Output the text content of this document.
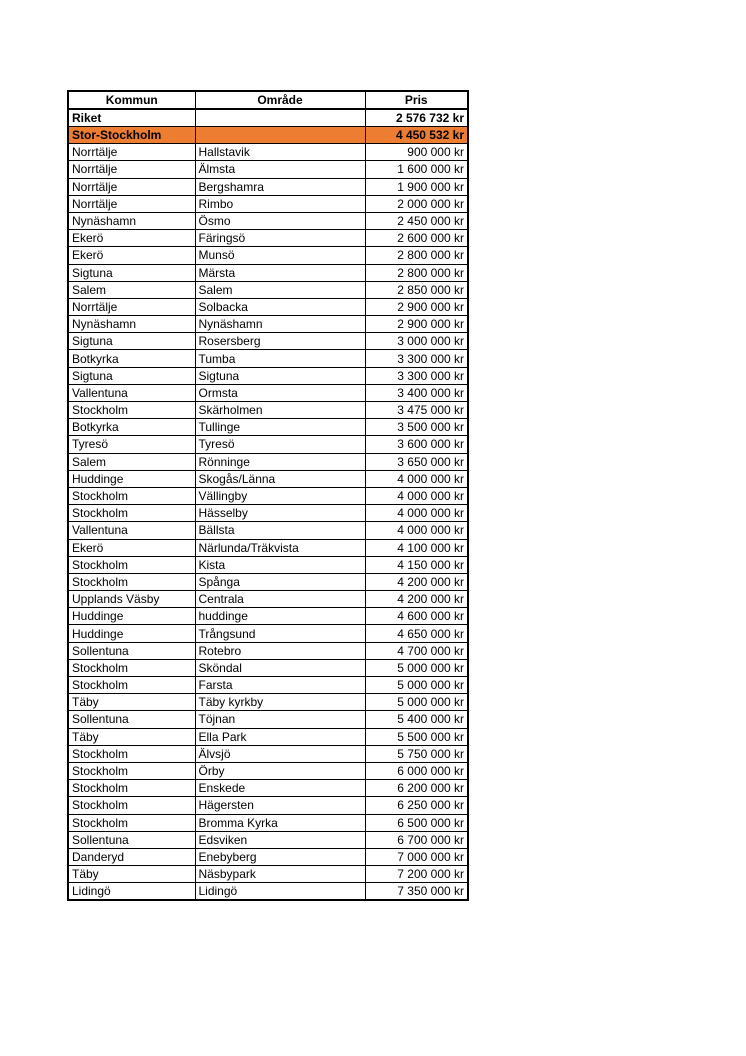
Kommun	Område	Pris
Riket		2 576 732 kr
Stor-Stockholm		4 450 532 kr
Norrtälje	Hallstavik	900 000 kr
Norrtälje	Älmsta	1 600 000 kr
Norrtälje	Bergshamra	1 900 000 kr
Norrtälje	Rimbo	2 000 000 kr
Nynäshamn	Ösmo	2 450 000 kr
Ekerö	Färingsö	2 600 000 kr
Ekerö	Munsö	2 800 000 kr
Sigtuna	Märsta	2 800 000 kr
Salem	Salem	2 850 000 kr
Norrtälje	Solbacka	2 900 000 kr
Nynäshamn	Nynäshamn	2 900 000 kr
Sigtuna	Rosersberg	3 000 000 kr
Botkyrka	Tumba	3 300 000 kr
Sigtuna	Sigtuna	3 300 000 kr
Vallentuna	Ormsta	3 400 000 kr
Stockholm	Skärholmen	3 475 000 kr
Botkyrka	Tullinge	3 500 000 kr
Tyresö	Tyresö	3 600 000 kr
Salem	Rönninge	3 650 000 kr
Huddinge	Skogås/Länna	4 000 000 kr
Stockholm	Vällingby	4 000 000 kr
Stockholm	Hässelby	4 000 000 kr
Vallentuna	Bällsta	4 000 000 kr
Ekerö	Närlunda/Träkvista	4 100 000 kr
Stockholm	Kista	4 150 000 kr
Stockholm	Spånga	4 200 000 kr
Upplands Väsby	Centrala	4 200 000 kr
Huddinge	huddinge	4 600 000 kr
Huddinge	Trångsund	4 650 000 kr
Sollentuna	Rotebro	4 700 000 kr
Stockholm	Sköndal	5 000 000 kr
Stockholm	Farsta	5 000 000 kr
Täby	Täby kyrkby	5 000 000 kr
Sollentuna	Töjnan	5 400 000 kr
Täby	Ella Park	5 500 000 kr
Stockholm	Älvsjö	5 750 000 kr
Stockholm	Örby	6 000 000 kr
Stockholm	Enskede	6 200 000 kr
Stockholm	Hägersten	6 250 000 kr
Stockholm	Bromma Kyrka	6 500 000 kr
Sollentuna	Edsviken	6 700 000 kr
Danderyd	Enebyberg	7 000 000 kr
Täby	Näsbypark	7 200 000 kr
Lidingö	Lidingö	7 350 000 kr
